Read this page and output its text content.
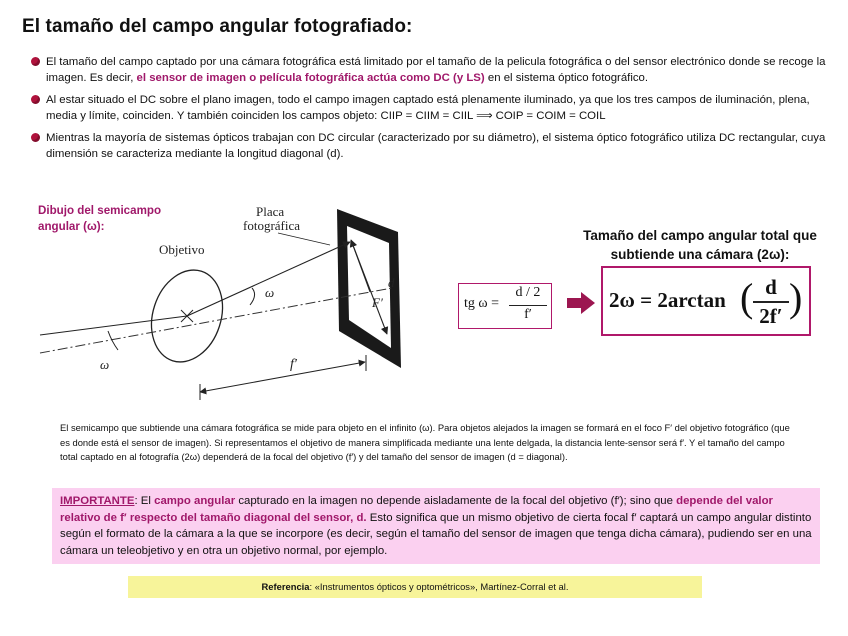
El tamaño del campo angular fotografiado:
El tamaño del campo captado por una cámara fotográfica está limitado por el tamaño de la pelicula fotográfica o del sensor electrónico donde se recoge la imagen. Es decir, el sensor de imagen o película fotográfica actúa como DC (y LS) en el sistema óptico fotográfico.
Al estar situado el DC sobre el plano imagen, todo el campo imagen captado está plenamente iluminado, ya que los tres campos de iluminación, plena, media y límite, coinciden. Y también coinciden los campos objeto: CIIP = CIIM = CIIL ⟹ COIP = COIM = COIL
Mientras la mayoría de sistemas ópticos trabajan con DC circular (caracterizado por su diámetro), el sistema óptico fotográfico utiliza DC rectangular, cuya dimensión se caracteriza mediante la longitud diagonal (d).
Dibujo del semicampo angular (ω):
Placa
fotográfica
Objetivo
ω
ω
d
F′
f′
Tamaño del campo angular total que subtiende una cámara (2ω):
tg ω =
d / 2
f′
2ω = 2arctan ( d
2f′ )
El semicampo que subtiende una cámara fotográfica se mide para objeto en el infinito (ω). Para objetos alejados la imagen se formará en el foco F′ del objetivo fotográfico (que es donde está el sensor de imagen). Si representamos el objetivo de manera simplificada mediante una lente delgada, la distancia lente-sensor será f′. Y el tamaño del campo total captado en al fotografía (2ω) dependerá de la focal del objetivo (f′) y del tamaño del sensor de imagen (d = diagonal).
IMPORTANTE: El campo angular capturado en la imagen no depende aisladamente de la focal del objetivo (f′); sino que depende del valor relativo de f′ respecto del tamaño diagonal del sensor, d. Esto significa que un mismo objetivo de cierta focal f′ captará un campo angular distinto según el formato de la cámara a la que se incorpore (es decir, según el tamaño del sensor de imagen que tenga dicha cámara), pudiendo ser en una cámara un teleobjetivo y en otra un objetivo normal, por ejemplo.
Referencia: «Instrumentos ópticos y optométricos», Martínez-Corral et al.
